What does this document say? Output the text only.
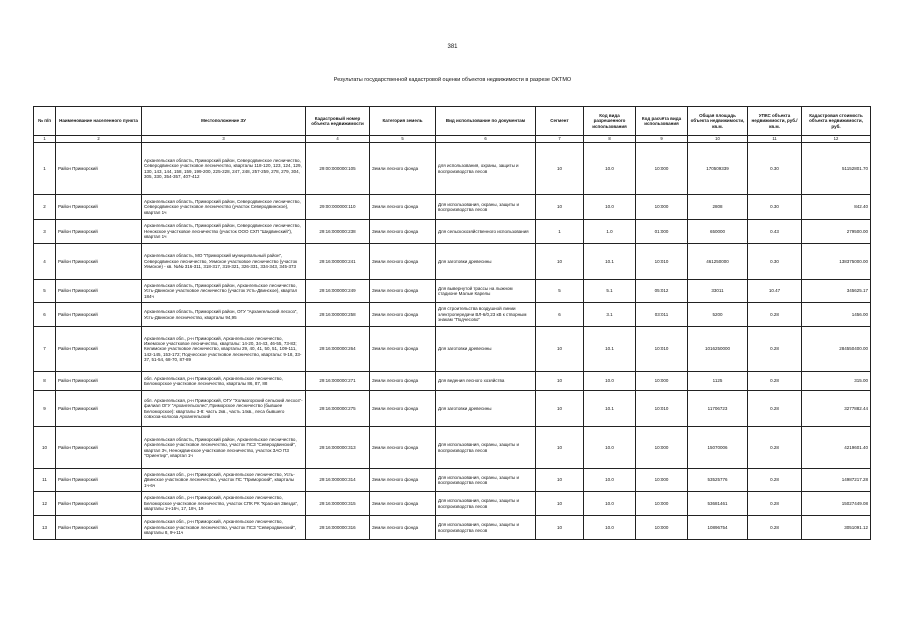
381
Результаты государственной кадастровой оценки объектов недвижимости в разрезе ОКТМО
№ п/п	Наименование населенного пункта	Местоположение ЗУ	Кадастровый номер объекта недвижимости	Категория земель	Вид использование по документам	Сегмент	Код вида разрешенного использования	Код расчёта вида использования	Общая площадь объекта недвижимости, кв.м.	УПКС объекта недвижимости, руб./кв.м.	Кадастровая стоимость объекта недвижимости, руб.
1	2	3	4	5	6	7	8	9	10	11	12
1	Район Приморский	Архангельская область, Приморский район, Северодвинское лесничество, Северодвинское участковое лесничество, кварталы 118-120, 123, 124, 129, 130, 143, 144, 158, 159, 199-200, 225-228, 247, 248, 257-259, 278, 279, 304, 305, 330, 354-357, 407-412	29:00:000000:105	Земли лесного фонда	для использования, охраны, защиты и воспроизводства лесов	10	10.0	10:000	170509339	0.30	51152801.70
2	Район Приморский	Архангельская область, Приморский район, Северодвинское лесничество, Северодвинское участковое лесничество (участок Северодвинское), квартал 1ч	29:00:000000:110	Земли лесного фонда	Для использования, охраны, защиты и воспроизводства лесов	10	10.0	10:000	2808	0.30	842.40
3	Район Приморский	Архангельская область, Приморский район, Северодвинское лесничество, Ненокское участковое лесничество (участок ООО СХП "Шидвинский"), квартал 1ч	29:16:000000:238	Земли лесного фонда	Для сельскохозяйственного использования	1	1.0	01:000	650000	0.43	279500.00
4	Район Приморский	Архангельская область, МО "Приморский муниципальный район", Северодвинское лесничество, Уемское участковое лесничество (участок Уемское) - кв. №№ 316-311, 318-317, 319-321, 326-331, 334-343, 345-373	29:16:000000:241	Земли лесного фонда	Для заготовки древесины	10	10.1	10:010	461250000	0.30	138375000.00
5	Район Приморский	Архангельская область, Приморский район, Архангельское лесничество, Усть-Двинское участковое лесничество (участок Усть-Двинское), квартал 184ч	29:16:000000:249	Земли лесного фонда	Для вывернутой трассы на лыжном стадионе Малые Карелы	5	5.1	05:012	33011	10.47	345625.17
6	Район Приморский	Архангельская область, Приморский район, ОГУ "Архангельский лесхоз", Усть-Двинское лесничество, кварталы 94,95	29:16:000000:258	Земли лесного фонда	Для строительства воздушной линии электропередачи ВЛ-6/0,23 кВ к створным знакам "Подчесово"	6	3.1	03:011	5200	0.28	1456.00
7	Район Приморский	Архангельская обл., р-н Приморский, Архангельское лесничество, Ижемское участковое лесничество, кварталы: 14-20, 34-43, 46-55, 73-83; Келимское участковое лесничество, кварталы 29, 40, 41, 50, 51, 109-111, 142-145, 153-172; Подчесское участковое лесничество, кварталы: 9-18, 33-37, 51-54, 68-70, 87-89	29:16:000000:264	Земли лесного фонда	Для заготовки древесины	10	10.1	10:010	1016250000	0.28	284550400.00
8	Район Приморский	обл. Архангельская, р-н Приморский, Архангельское лесничество, Беломорское участковое лесничество, кварталы 86, 87, 88	29:16:000000:271	Земли лесного фонда	Для ведения лесного хозяйства	10	10.0	10:000	1125	0.28	315.00
9	Район Приморский	обл. Архангельская, р-н Приморский, ОГУ "Холмогорский сельский лесхоз"-филиал ОГУ "Архангельсклес",Приморское лесничество (бывшее Беломорское): кварталы 3-8: часть 2кв., часть 14кв., леса бывшего совхоза-колхоза Архангельский	29:16:000000:275	Земли лесного фонда	Для заготовки древесины	10	10.1	10:010	11706723	0.28	3277882.44
10	Район Приморский	Архангельская область, Приморский район, Архангельское лесничество, Архангельское участковое лесничество, участок ПСЗ "Северодвинский", квартал 3ч, Ненокдвинское участковое лесничество, участок ЗАО ПЗ "Ориентир", квартал 1ч	29:16:000000:313	Земли лесного фонда	Для использования, охраны, защиты и воспроизводства лесов	10	10.0	10:000	15070006	0.28	4219601.40
11	Район Приморский	Архангельская обл., р-н Приморский, Архангельское лесничество, Усть-Двинское участковое лесничество, участок ПС "Приморский", кварталы 1ч-6ч	29:16:000000:314	Земли лесного фонда	Для использования, охраны, защиты и воспроизводства лесов	10	10.0	10:000	53525776	0.28	14987217.28
12	Район Приморский	Архангельская обл., р-н Приморский, Архангельское лесничество, Беломорское участковое лесничество, участок СПК РК "Красная Звезда", кварталы 1ч-16ч, 17, 18ч, 19	29:16:000000:315	Земли лесного фонда	Для использования, охраны, защиты и воспроизводства лесов	10	10.0	10:000	53681461	0.28	15027449.08
13	Район Приморский	Архангельская обл., р-н Приморский, Архангельское лесничество, Архангельское участковое лесничество, участок ПСЗ "Северодвинский", кварталы 8, 9ч-11ч	29:16:000000:316	Земли лесного фонда	Для использования, охраны, защиты и воспроизводства лесов	10	10.0	10:000	10896754	0.28	3051091.12
